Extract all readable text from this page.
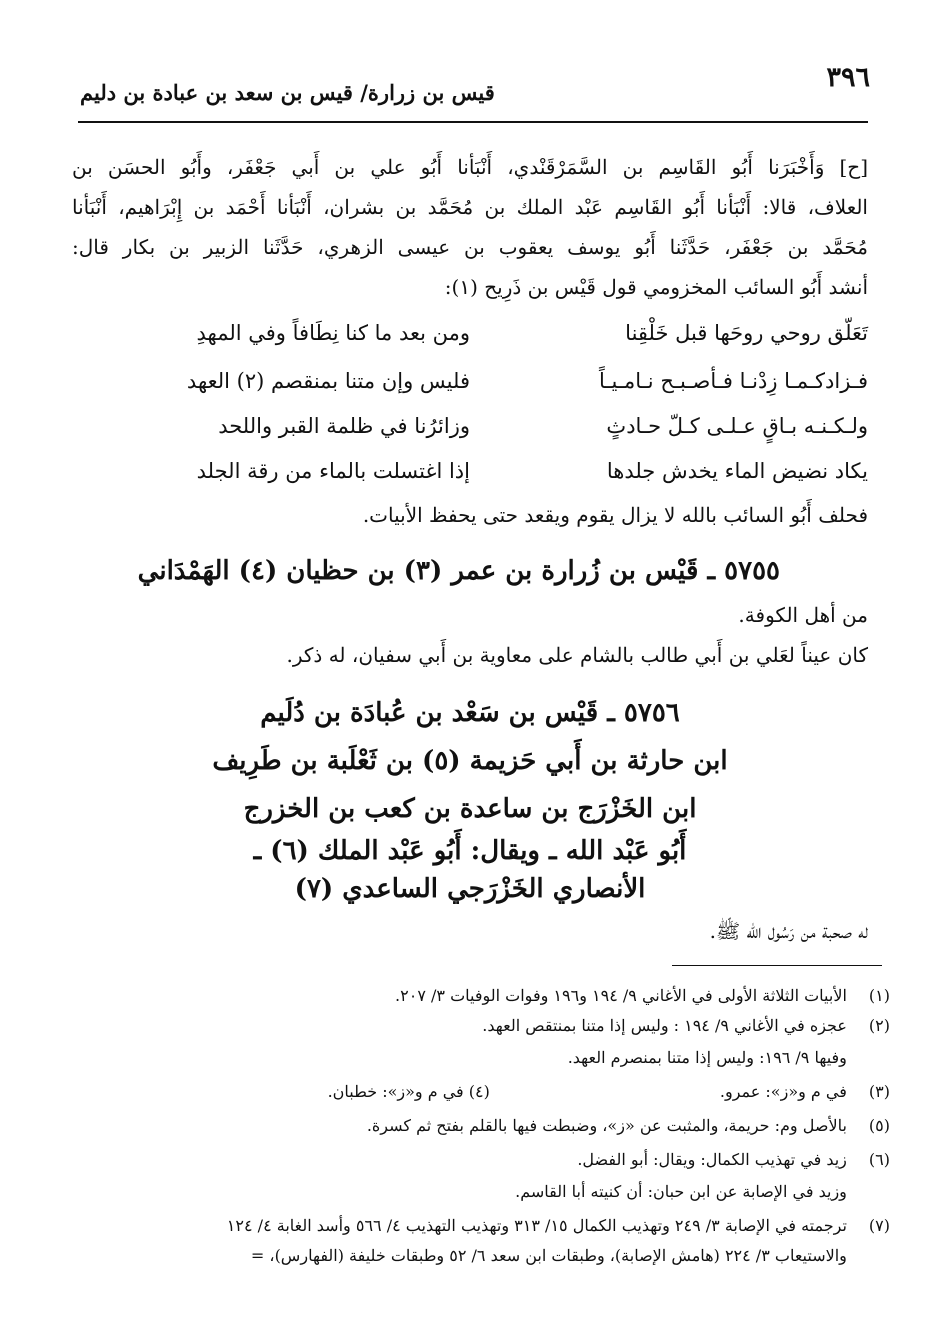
٣٩٦
قيس بن زرارة/ قيس بن سعد بن عبادة بن دليم
[ح] وَأَخْبَرَنا أَبُو القَاسِم بن السَّمَرْقَنْدي، أَنْبَأنا أَبُو علي بن أَبي جَعْفَر، وأَبُو الحسَن بن
العلاف، قالا: أَنْبَأنا أَبُو القَاسِم عَبْد الملك بن مُحَمَّد بن بشران، أَنْبَأنا أَحْمَد بن إِبْرَاهيم، أَنْبَأنا
مُحَمَّد بن جَعْفَر، حَدَّثَنا أَبُو يوسف يعقوب بن عيسى الزهري، حَدَّثَنا الزبير بن بكار قال:
أنشد أَبُو السائب المخزومي قول قَيْس بن ذَرِيح (١):
تَعَلّق روحي روحَها قبل خَلْقِنا
ومن بعد ما كنا نِطَافاً وفي المهدِ
فـزادكـمـا زِدْنـا فـأصـبـح نـامـيـاً
فليس وإن متنا بمنقصم (٢) العهد
ولـكـنـه بـاقٍ عـلـى كـلّ حـادثٍ
وزائرُنا في ظلمة القبر واللحد
يكاد نضيض الماء يخدش جلدها
إذا اغتسلت بالماء من رقة الجلد
فحلف أَبُو السائب بالله لا يزال يقوم ويقعد حتى يحفظ الأبيات.
٥٧٥٥ ـ قَيْس بن زُرارة بن عمر (٣) بن حظيان (٤) الهَمْدَاني
من أهل الكوفة.
كان عيناً لعَلي بن أَبي طالب بالشام على معاوية بن أَبي سفيان، له ذكر.
٥٧٥٦ ـ قَيْس بن سَعْد بن عُبادَة بن دُلَيم
ابن حارثة بن أَبي حَزيمة (٥) بن ثَعْلَبة بن طَرِيف
ابن الخَزْرَج بن ساعدة بن كعب بن الخزرج
أَبُو عَبْد الله ـ ويقال: أَبُو عَبْد الملك (٦) ـ
الأنصاري الخَزْرَجي الساعدي (٧)
له صحبة من رَسُول الله ﷺ.
(١) الأبيات الثلاثة الأولى في الأغاني ٩/ ١٩٤ و١٩٦ وفوات الوفيات ٣/ ٢٠٧.
(٢) عجزه في الأغاني ٩/ ١٩٤ : وليس إذا متنا بمنتقص العهد.
وفيها ٩/ ١٩٦: وليس إذا متنا بمنصرم العهد.
(٣) في م و«ز»: عمرو.(٤) في م و«ز»: خطبان.
(٥) بالأصل وم: حريمة، والمثبت عن «ز»، وضبطت فيها بالقلم بفتح ثم كسرة.
(٦) زيد في تهذيب الكمال: ويقال: أبو الفضل.
وزيد في الإصابة عن ابن حبان: أن كنيته أبا القاسم.
(٧) ترجمته في الإصابة ٣/ ٢٤٩ وتهذيب الكمال ١٥/ ٣١٣ وتهذيب التهذيب ٤/ ٥٦٦ وأسد الغابة ٤/ ١٢٤
والاستيعاب ٣/ ٢٢٤ (هامش الإصابة)، وطبقات ابن سعد ٦/ ٥٢ وطبقات خليفة (الفهارس)، =
